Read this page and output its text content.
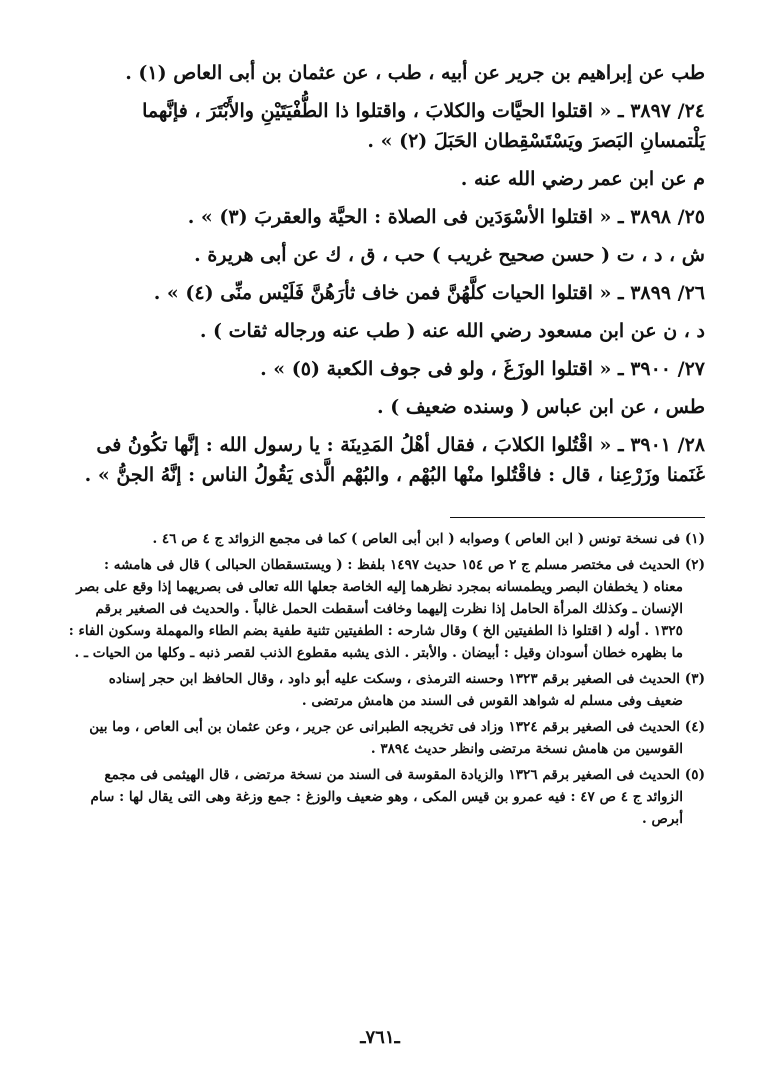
طب عن إبراهيم بن جرير عن أبيه ، طب ، عن عثمان بن أبى العاص (١) .

٢٤/ ٣٨٩٧ ـ « اقتلوا الحيَّات والكلابَ ، واقتلوا ذا الطُّفْيَتَيْنِ والأَبْتَرَ ، فإنَّهما

يَلْتمسانِ البَصرَ ويَسْتَسْقِطان الحَبَلَ (٢) » .

م عن ابن عمر رضي الله عنه .

٢٥/ ٣٨٩٨ ـ « اقتلوا الأسْوَدَين فى الصلاة : الحيَّة والعقربَ (٣) » .

ش ، د ، ت ( حسن صحيح غريب ) حب ، ق ، ك عن أبى هريرة .

٢٦/ ٣٨٩٩ ـ « اقتلوا الحيات كلَّهُنَّ فمن خاف ثأرَهُنَّ فَلَيْس منِّى (٤) » .

د ، ن عن ابن مسعود رضي الله عنه ( طب عنه ورجاله ثقات ) .

٢٧/ ٣٩٠٠ ـ « اقتلوا الوزَغَ ، ولو فى جوف الكعبة (٥) » .

طس ، عن ابن عباس ( وسنده ضعيف ) .

٢٨/ ٣٩٠١ ـ « اقْتُلوا الكلابَ ، فقال أهْلُ المَدِينَة : يا رسول الله : إنَّها تكُونُ فى

غَنَمنا وزَرْعِنا ، قال : فاقْتُلوا منْها البُهْم ، والبُهْم الَّذى يَقُولُ الناس : إنَّهُ الجنُّ » .

(١) فى نسخة تونس ( ابن العاص ) وصوابه ( ابن أبى العاص ) كما فى مجمع الزوائد ج ٤ ص ٤٦ .

(٢) الحديث فى مختصر مسلم ج ٢ ص ١٥٤ حديث ١٤٩٧ بلفظ : ( ويستسقطان الحبالى ) قال فى هامشه :
معناه ( يخطفان البصر ويطمسانه بمجرد نظرهما إليه الخاصة جعلها الله تعالى فى بصريهما إذا وقع على بصر
الإنسان ـ وكذلك المرأة الحامل إذا نظرت إليهما وخافت أسقطت الحمل غالباً . والحديث فى الصغير برقم
١٣٢٥ . أوله ( اقتلوا ذا الطفيتين الخ ) وقال شارحه : الطفيتين تثنية طفية بضم الطاء والمهملة وسكون الفاء :
ما بظهره خطان أسودان وقيل : أبيضان . والأبتر . الذى يشبه مقطوع الذنب لقصر ذنبه ـ وكلها من الحيات ـ .

(٣) الحديث فى الصغير برقم ١٣٢٣ وحسنه الترمذى ، وسكت عليه أبو داود ، وقال الحافظ ابن حجر إسناده
ضعيف وفى مسلم له شواهد القوس فى السند من هامش مرتضى .

(٤) الحديث فى الصغير برقم ١٣٢٤ وزاد فى تخريجه الطبرانى عن جرير ، وعن عثمان بن أبى العاص ، وما بين
القوسين من هامش نسخة مرتضى وانظر حديث ٣٨٩٤ .

(٥) الحديث فى الصغير برقم ١٣٢٦ والزيادة المقوسة فى السند من نسخة مرتضى ، قال الهيثمى فى مجمع
الزوائد ج ٤ ص ٤٧ : فيه عمرو بن قيس المكى ، وهو ضعيف والوزغ : جمع وزغة وهى التى يقال لها : سام
أبرص .

ـ٧٦١ـ
